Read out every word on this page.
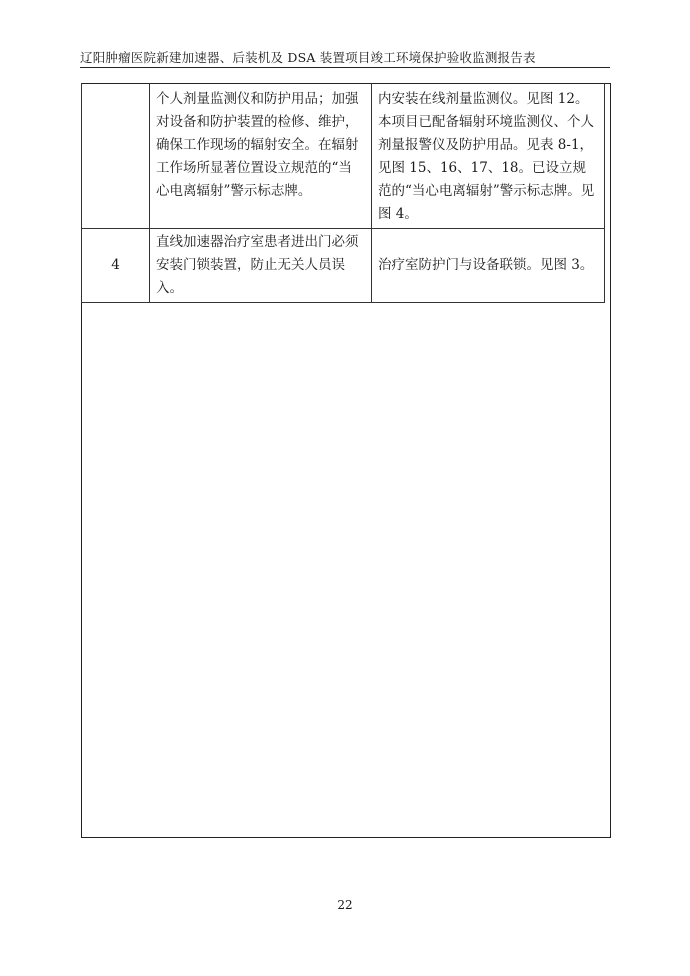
辽阳肿瘤医院新建加速器、后装机及 DSA 装置项目竣工环境保护验收监测报告表
	个人剂量监测仪和防护用品；加强对设备和防护装置的检修、维护，确保工作现场的辐射安全。在辐射工作场所显著位置设立规范的“当心电离辐射”警示标志牌。	内安装在线剂量监测仪。见图 12。本项目已配备辐射环境监测仪、个人剂量报警仪及防护用品。见表 8-1，见图 15、16、17、18。已设立规范的“当心电离辐射”警示标志牌。见图 4。
4	直线加速器治疗室患者进出门必须安装门锁装置，防止无关人员误入。	治疗室防护门与设备联锁。见图 3。
22
